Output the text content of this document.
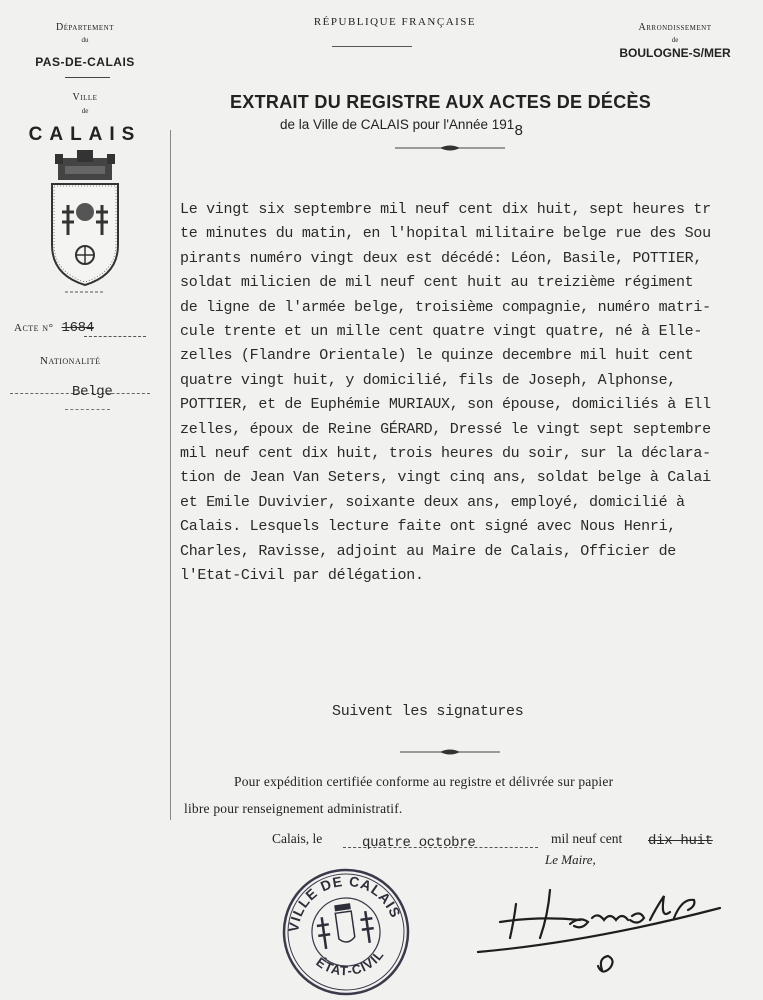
Département
du
PAS-DE-CALAIS
Ville
de
CALAIS
RÉPUBLIQUE FRANÇAISE	Arrondissement
de
BOULOGNE-S/MER
EXTRAIT DU REGISTRE AUX ACTES DE DÉCÈS
de la Ville de CALAIS pour l'Année 1918
Acte n° 1684
Nationalité
Belge
Le vingt six septembre mil neuf cent dix huit, sept heures tr
te minutes du matin, en l'hopital militaire belge rue des Sou
pirants numéro vingt deux est décédé: Léon, Basile, POTTIER,
soldat milicien de mil neuf cent huit au treizième régiment
de ligne de l'armée belge, troisième compagnie, numéro matri-
cule trente et un mille cent quatre vingt quatre, né à Elle-
zelles (Flandre Orientale) le quinze decembre mil huit cent
quatre vingt huit, y domicilié, fils de Joseph, Alphonse,
POTTIER, et de Euphémie MURIAUX, son épouse, domiciliés à Ell
zelles, époux de Reine GÉRARD, Dressé le vingt sept septembre
mil neuf cent dix huit, trois heures du soir, sur la déclara-
tion de Jean Van Seters, vingt cinq ans, soldat belge à Calai
et Emile Duvivier, soixante deux ans, employé, domicilié à
Calais. Lesquels lecture faite ont signé avec Nous Henri,
Charles, Ravisse, adjoint au Maire de Calais, Officier de
l'Etat-Civil par délégation.
Suivent les signatures
Pour expédition certifiée conforme au registre et délivrée sur papier
libre pour renseignement administratif.
Calais, le	quatre octobre	mil neuf cent dix huit
Le Maire,
VILLE DE CALAIS
ÉTAT-CIVIL
